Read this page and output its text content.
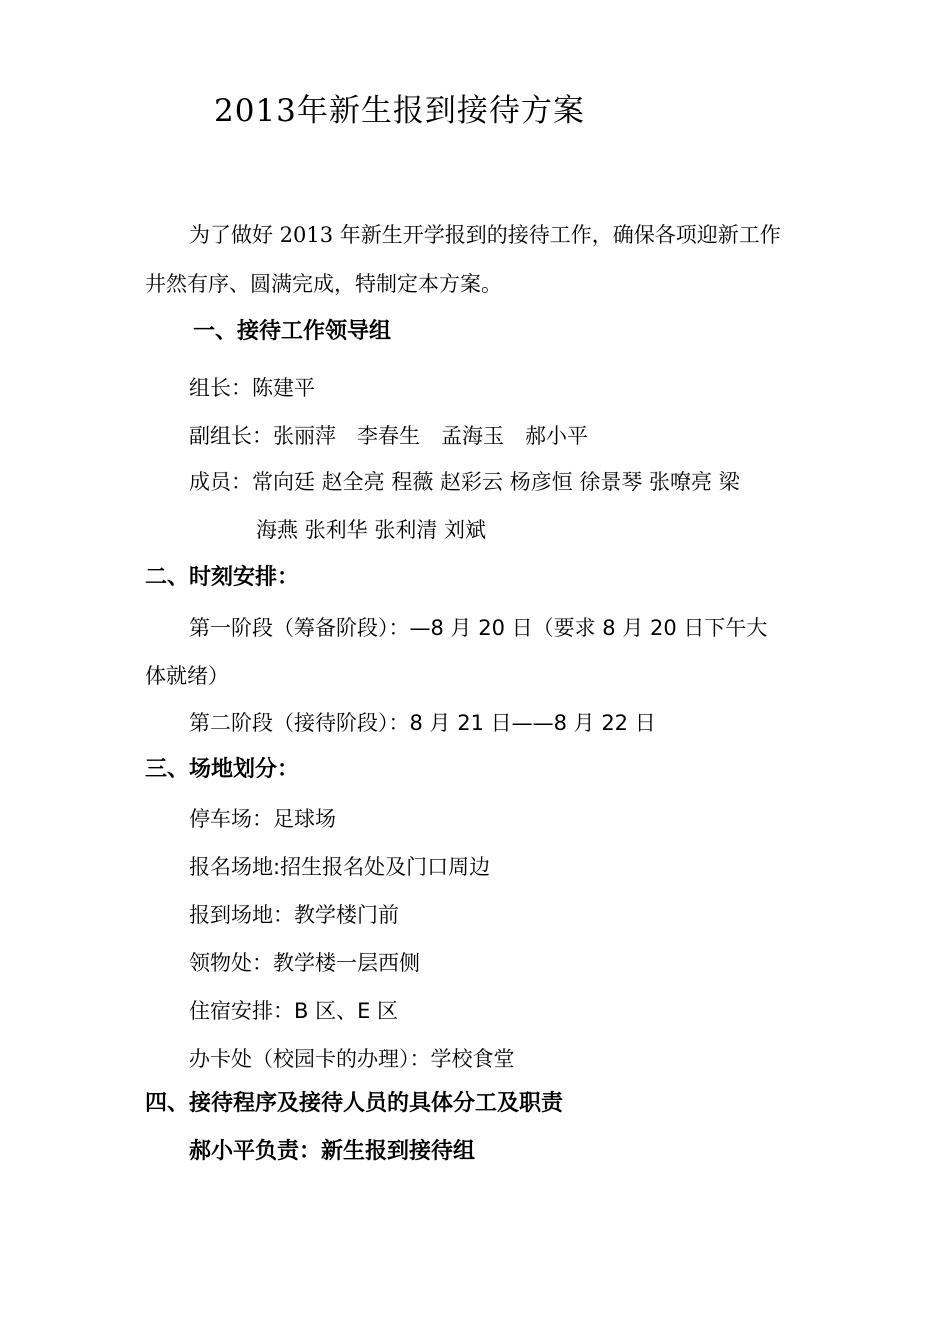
2013年新生报到接待方案
为了做好 2013 年新生开学报到的接待工作，确保各项迎新工作
井然有序、圆满完成，特制定本方案。
一、接待工作领导组
组长：陈建平
副组长：张丽萍　李春生　孟海玉　郝小平
成员：常向廷 赵全亮 程薇 赵彩云 杨彦恒 徐景琴 张嘹亮 梁
海燕 张利华 张利清 刘斌
二、时刻安排：
第一阶段（筹备阶段）：—8 月 20 日（要求 8 月 20 日下午大
体就绪）
第二阶段（接待阶段）：8 月 21 日——8 月 22 日
三、场地划分：
停车场：足球场
报名场地:招生报名处及门口周边
报到场地：教学楼门前
领物处：教学楼一层西侧
住宿安排：B 区、E 区
办卡处（校园卡的办理）：学校食堂
四、接待程序及接待人员的具体分工及职责
郝小平负责：新生报到接待组
